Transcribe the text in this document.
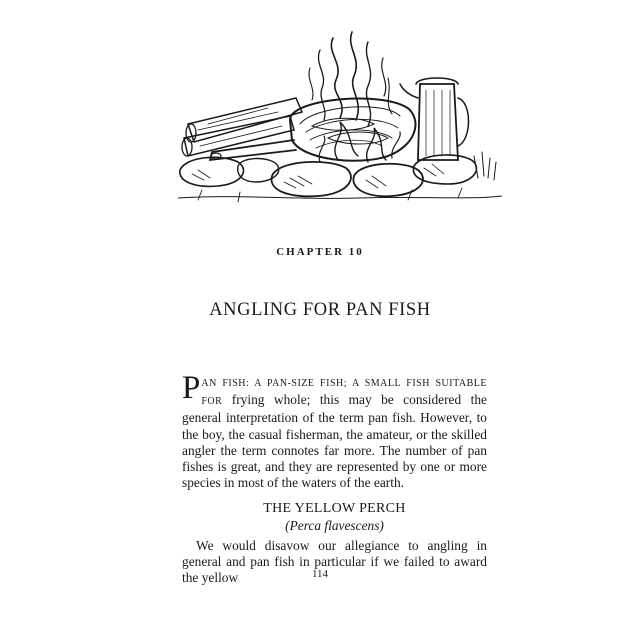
CHAPTER 10
ANGLING FOR PAN FISH

PAN FISH: A PAN-SIZE FISH; A SMALL FISH SUITABLE FOR frying whole; this may be considered the general interpretation of the term pan fish. However, to the boy, the casual fisherman, the amateur, or the skilled angler the term connotes far more. The number of pan fishes is great, and they are represented by one or more species in most of the waters of the earth.

THE YELLOW PERCH
(Perca flavescens)

We would disavow our allegiance to angling in general and pan fish in particular if we failed to award the yellow	114
